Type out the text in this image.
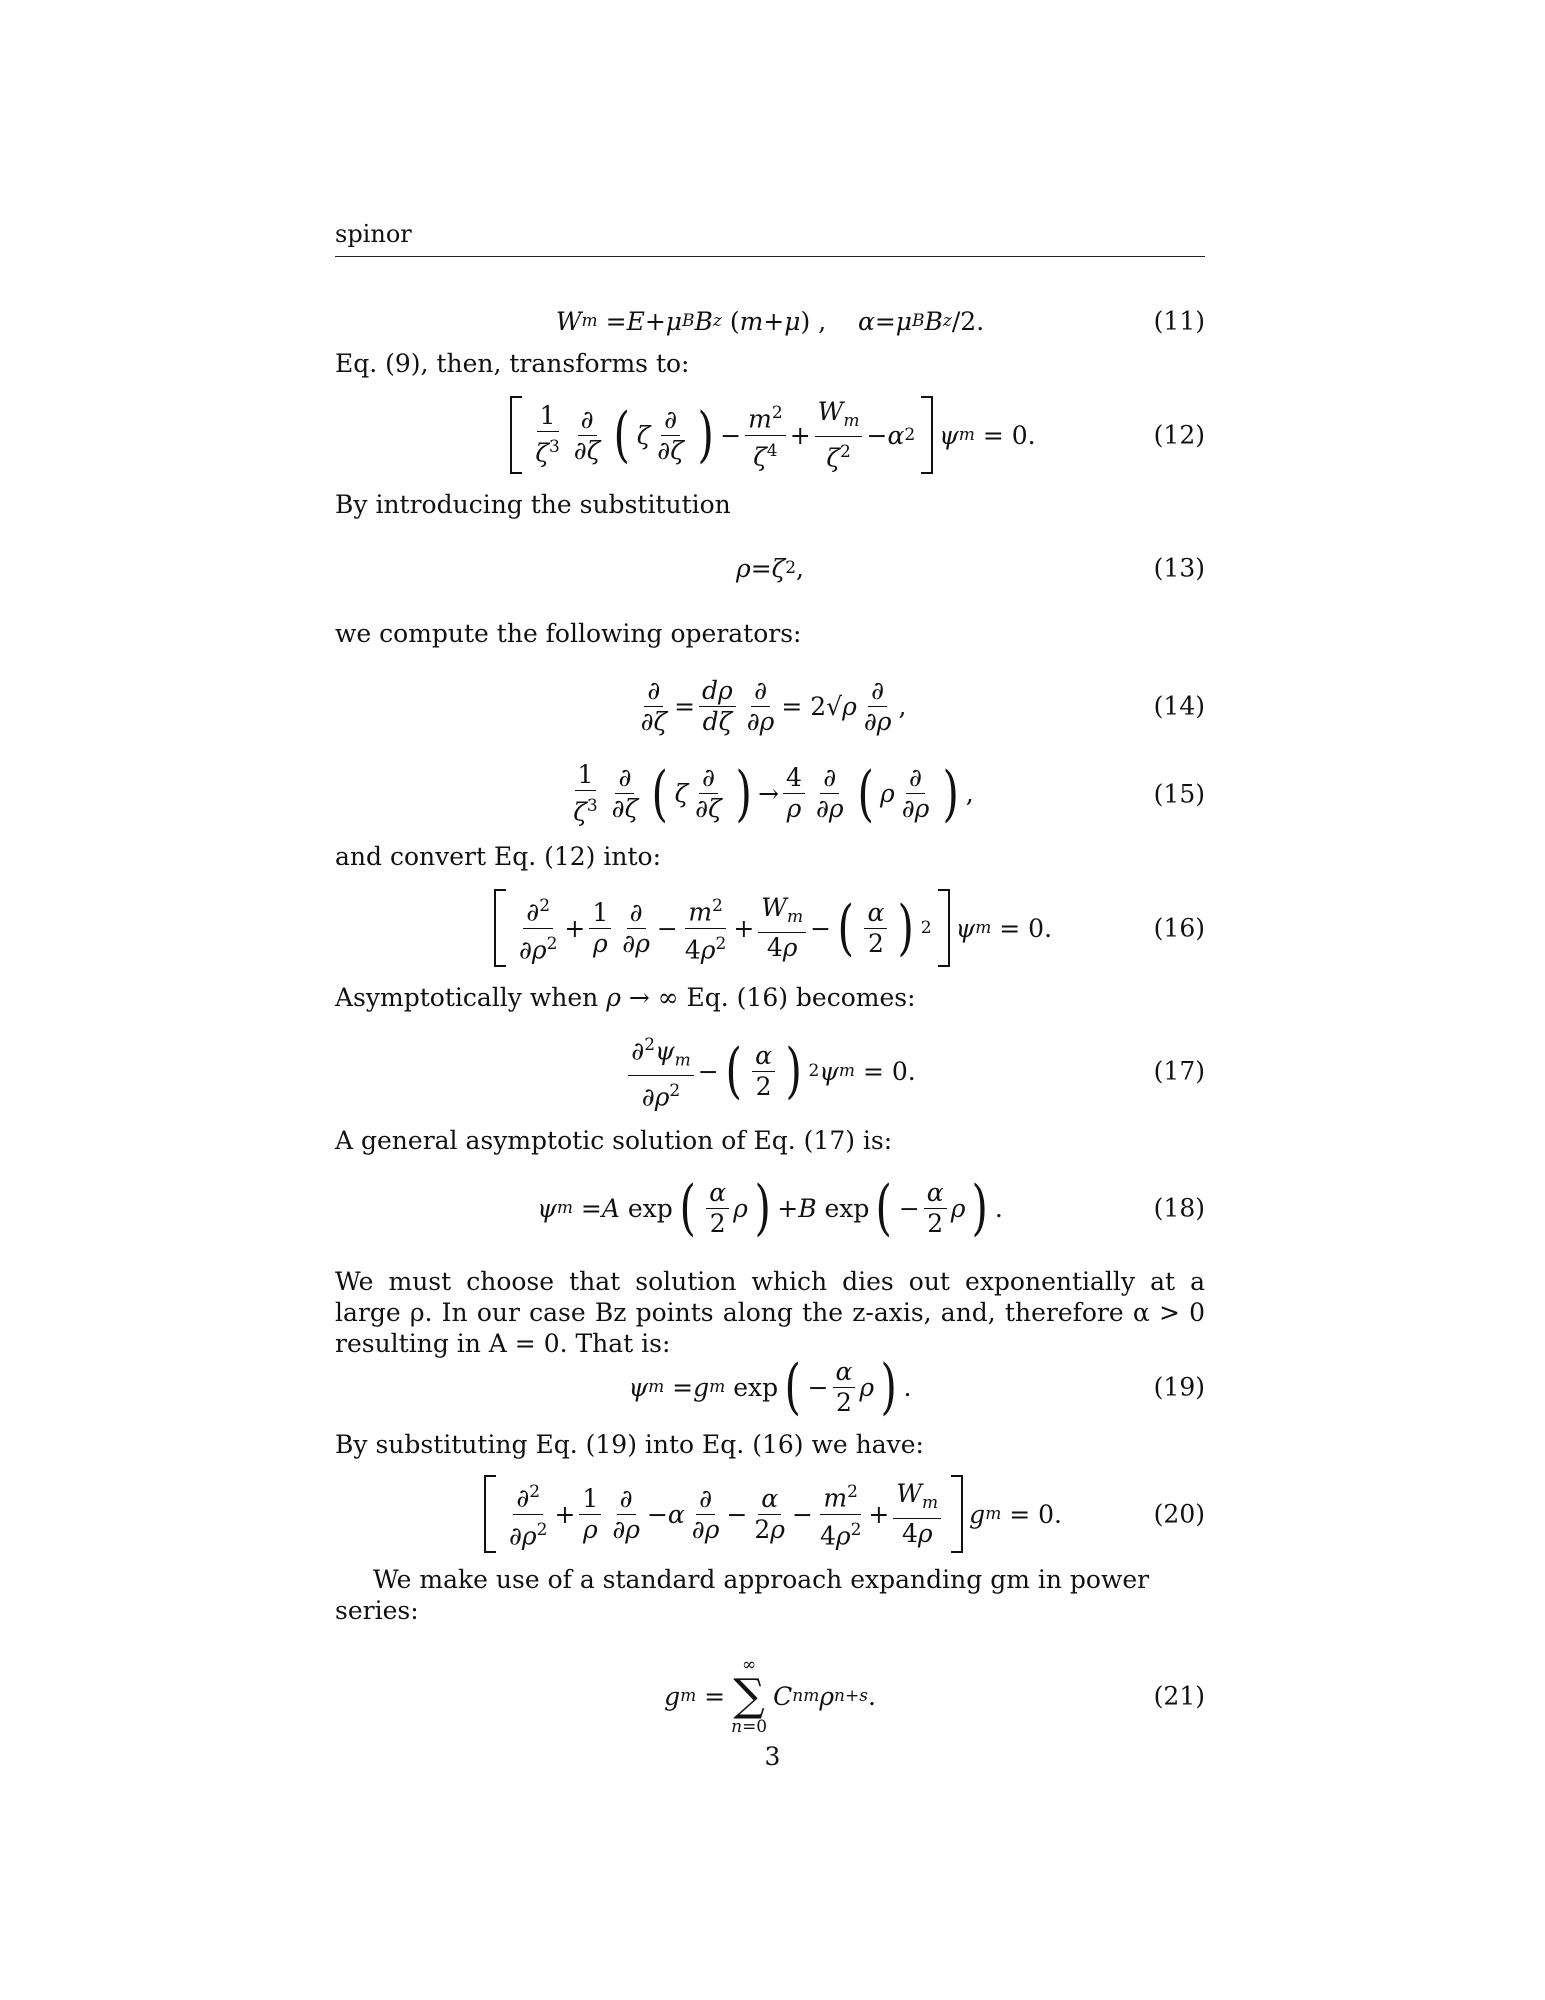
spinor
W m = E + μ B B z ( m + μ ) , α = μ B B z /2.	(11)

Eq. (9), then, transforms to:

$\frac{1}{\zeta^3} \frac{\partial}{\partial\zeta}$ ( ζ $\frac{\partial}{\partial\zeta}$ ) − $\frac{m^2}{\zeta^4} + \frac{W_m}{\zeta^2} - \alpha$ 2 ψ m = 0.	(12)

By introducing the substitution

ρ = ζ 2 ,	(13)

we compute the following operators:

$\frac{\partial}{\partial\zeta} = \frac{d\rho}{d\zeta} \frac{\partial}{\partial\rho} = 2√$ ρ $\frac{\partial}{\partial\rho}$ ,	(14)
$\frac{1}{\zeta^3} \frac{\partial}{\partial\zeta}$ ( ζ $\frac{\partial}{\partial\zeta}$ ) → $\frac{4}{\rho} \frac{\partial}{\partial\rho}$ ( ρ $\frac{\partial}{\partial\rho}$ ) ,	(15)

and convert Eq. (12) into:

$\frac{\partial^2}{\partial\rho^2} + \frac{1}{\rho} \frac{\partial}{\partial\rho} - \frac{m^2}{4\rho^2} + \frac{W_m}{4\rho}$ − ( $\frac{\alpha}{2}$ ) 2 ψ m = 0.	(16)

Asymptotically when ρ → ∞ Eq. (16) becomes:

$\frac{\partial^2\psi_m}{\partial\rho^2}$ − ( $\frac{\alpha}{2}$ ) 2 ψ m = 0.	(17)

A general asymptotic solution of Eq. (17) is:

ψ m = A exp ( $\frac{\alpha}{2}$ ρ ) + B exp ( − $\frac{\alpha}{2}$ ρ ) .	(18)

We must choose that solution which dies out exponentially at a large ρ. In our case Bz points along the z-axis, and, therefore α > 0 resulting in A = 0. That is:

ψ m = g m exp ( − $\frac{\alpha}{2}$ ρ ) .	(19)

By substituting Eq. (19) into Eq. (16) we have:

$\frac{\partial^2}{\partial\rho^2} + \frac{1}{\rho} \frac{\partial}{\partial\rho} - \alpha \frac{\partial}{\partial\rho} - \frac{\alpha}{2\rho} - \frac{m^2}{4\rho^2} + \frac{W_m}{4\rho}$ g m = 0.	(20)

We make use of a standard approach expanding gm in power series:

g m =
∞
∑
n=0
C nm ρ n+s .	(21)
3
